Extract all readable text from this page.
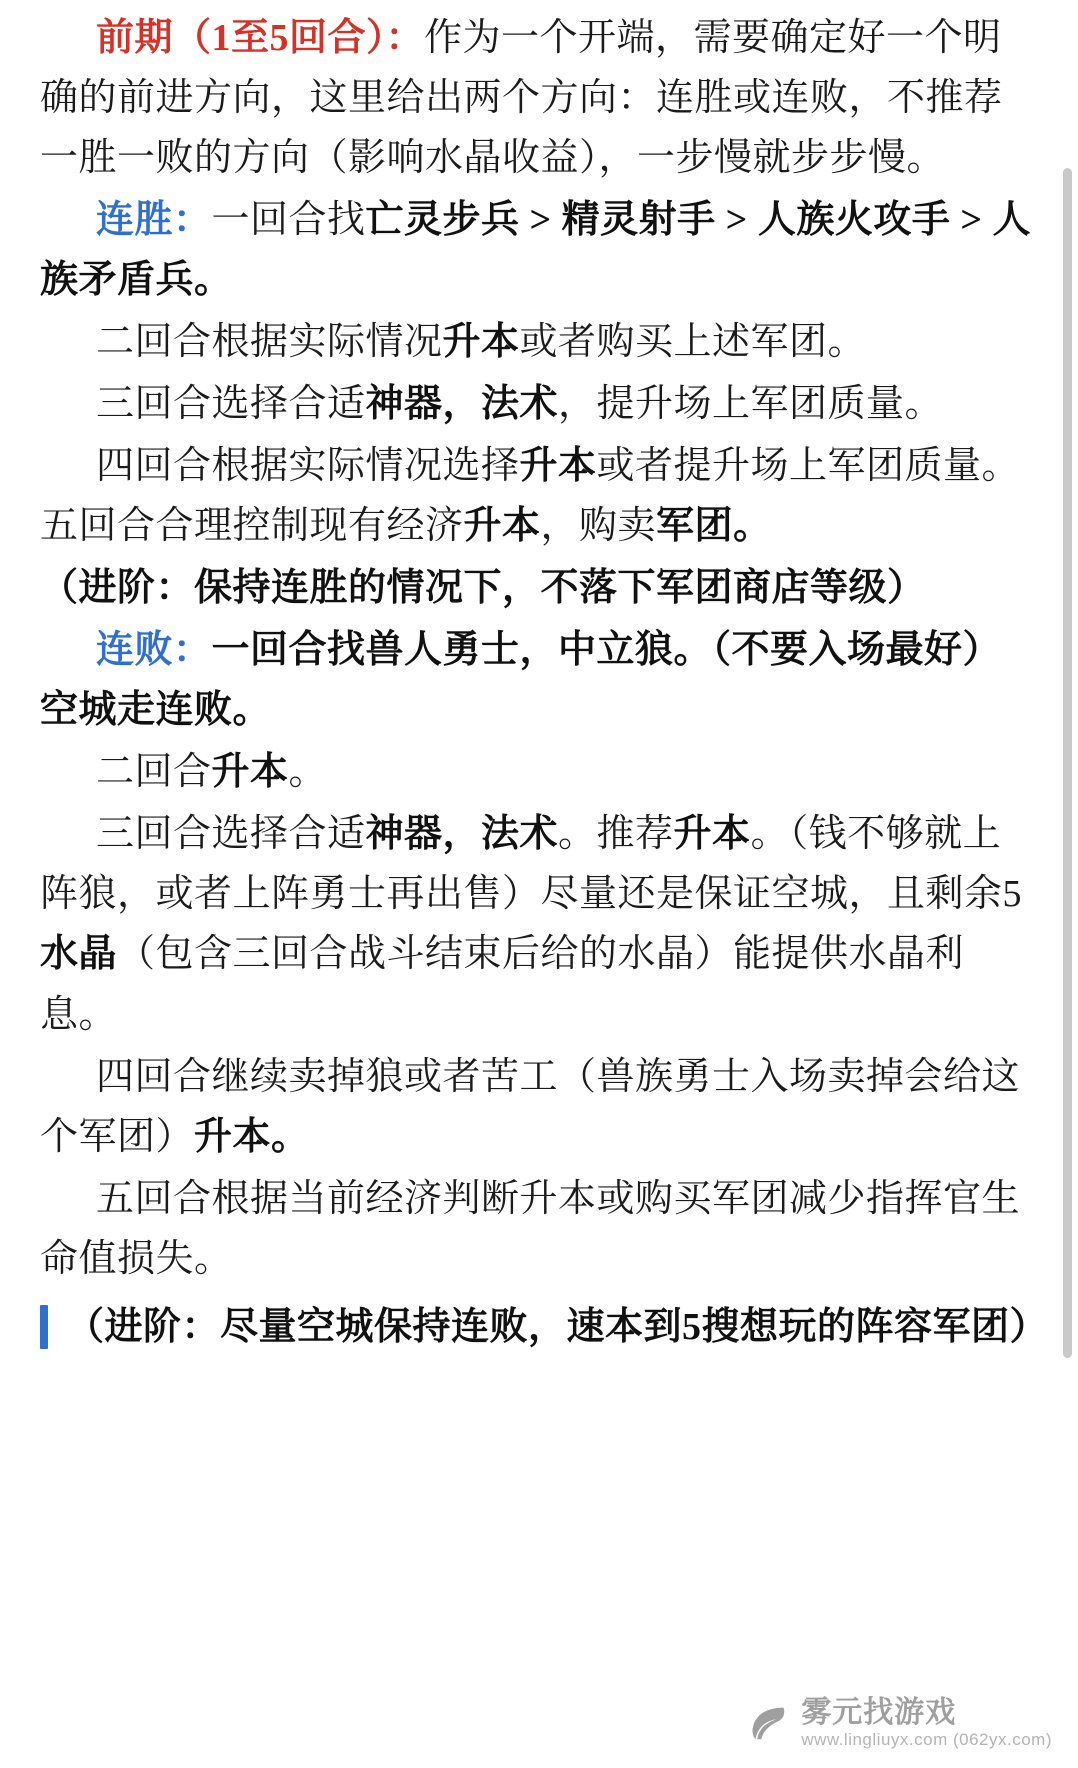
前期（1至5回合）：作为一个开端，需要确定好一个明确的前进方向，这里给出两个方向：连胜或连败，不推荐一胜一败的方向（影响水晶收益），一步慢就步步慢。
连胜：一回合找亡灵步兵 > 精灵射手 > 人族火攻手 > 人族矛盾兵。
二回合根据实际情况升本或者购买上述军团。
三回合选择合适神器，法术，提升场上军团质量。
四回合根据实际情况选择升本或者提升场上军团质量。五回合合理控制现有经济升本，购卖军团。
（进阶：保持连胜的情况下，不落下军团商店等级）
连败：一回合找兽人勇士，中立狼。（不要入场最好）空城走连败。
二回合升本。
三回合选择合适神器，法术。推荐升本。（钱不够就上阵狼，或者上阵勇士再出售）尽量还是保证空城，且剩余5水晶（包含三回合战斗结束后给的水晶）能提供水晶利息。
四回合继续卖掉狼或者苦工（兽族勇士入场卖掉会给这个军团）升本。
五回合根据当前经济判断升本或购买军团减少指挥官生命值损失。
（进阶：尽量空城保持连败，速本到5搜想玩的阵容军团）
雾元找游戏
www.lingliuyx.com (062yx.com)
